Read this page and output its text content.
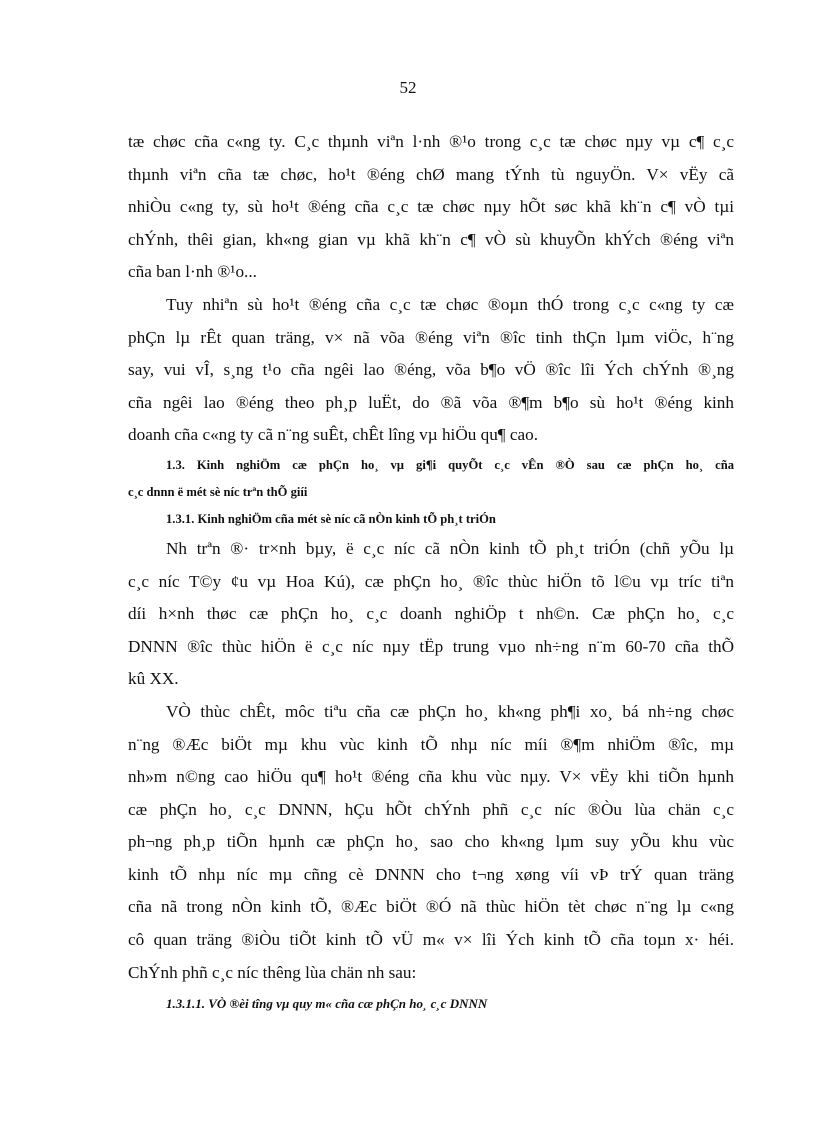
52
tæ chøc cña c«ng ty. C¸c thµnh viªn l·nh ®¹o trong c¸c tæ chøc nµy vµ c¶ c¸c
thµnh viªn cña tæ chøc, ho¹t ®éng chØ mang tÝnh tù nguyÖn. V× vËy cã
nhiÒu c«ng ty, sù ho¹t ®éng cña c¸c tæ chøc nµy hÕt søc khã kh¨n c¶ vÒ tµi
chÝnh, thêi gian, kh«ng gian vµ khã kh¨n c¶ vÒ sù khuyÕn khÝch ®éng viªn
cña ban l·nh ®¹o...
Tuy nhiªn sù ho¹t ®éng cña c¸c tæ chøc ®oµn thÓ trong c¸c c«ng ty cæ
phÇn lµ rÊt quan träng, v× nã võa ®éng viªn ®îc tinh thÇn lµm viÖc, h¨ng
say, vui vÎ, s¸ng t¹o cña ngêi lao ®éng, võa b¶o vÖ ®îc lîi Ých chÝnh ®¸ng
cña ngêi lao ®éng theo ph¸p luËt, do ®ã võa ®¶m b¶o sù ho¹t ®éng kinh
doanh cña c«ng ty cã n¨ng suÊt, chÊt lîng vµ hiÖu qu¶ cao.
1.3. Kinh nghiÖm cæ phÇn ho¸ vµ gi¶i quyÕt c¸c vÊn ®Ò sau cæ phÇn ho¸ cña
c¸c dnnn ë mét sè níc trªn thÕ giíi
1.3.1. Kinh nghiÖm cña mét sè níc cã nÒn kinh tÕ ph¸t triÓn
Nh trªn ®· tr×nh bµy, ë c¸c níc cã nÒn kinh tÕ ph¸t triÓn (chñ yÕu lµ
c¸c níc T©y ¢u vµ Hoa Kú), cæ phÇn ho¸ ®îc thùc hiÖn tõ l©u vµ tríc tiªn
díi h×nh thøc cæ phÇn ho¸ c¸c doanh nghiÖp t nh©n. Cæ phÇn ho¸ c¸c
DNNN ®îc thùc hiÖn ë c¸c níc nµy tËp trung vµo nh÷ng n¨m 60-70 cña thÕ
kû XX.
VÒ thùc chÊt, môc tiªu cña cæ phÇn ho¸ kh«ng ph¶i xo¸ bá nh÷ng chøc
n¨ng ®Æc biÖt mµ khu vùc kinh tÕ nhµ níc míi ®¶m nhiÖm ®îc, mµ
nh»m n©ng cao hiÖu qu¶ ho¹t ®éng cña khu vùc nµy. V× vËy khi tiÕn hµnh
cæ phÇn ho¸ c¸c DNNN, hÇu hÕt chÝnh phñ c¸c níc ®Òu lùa chän c¸c
ph¬ng ph¸p tiÕn hµnh cæ phÇn ho¸ sao cho kh«ng lµm suy yÕu khu vùc
kinh tÕ nhµ níc mµ cñng cè DNNN cho t¬ng xøng víi vÞ trÝ quan träng
cña nã trong nÒn kinh tÕ, ®Æc biÖt ®Ó nã thùc hiÖn tèt chøc n¨ng lµ c«ng
cô quan träng ®iÒu tiÕt kinh tÕ vÜ m« v× lîi Ých kinh tÕ cña toµn x· héi.
ChÝnh phñ c¸c níc thêng lùa chän nh sau:
1.3.1.1. VÒ ®èi tîng vµ quy m« cña cæ phÇn ho¸ c¸c DNNN
